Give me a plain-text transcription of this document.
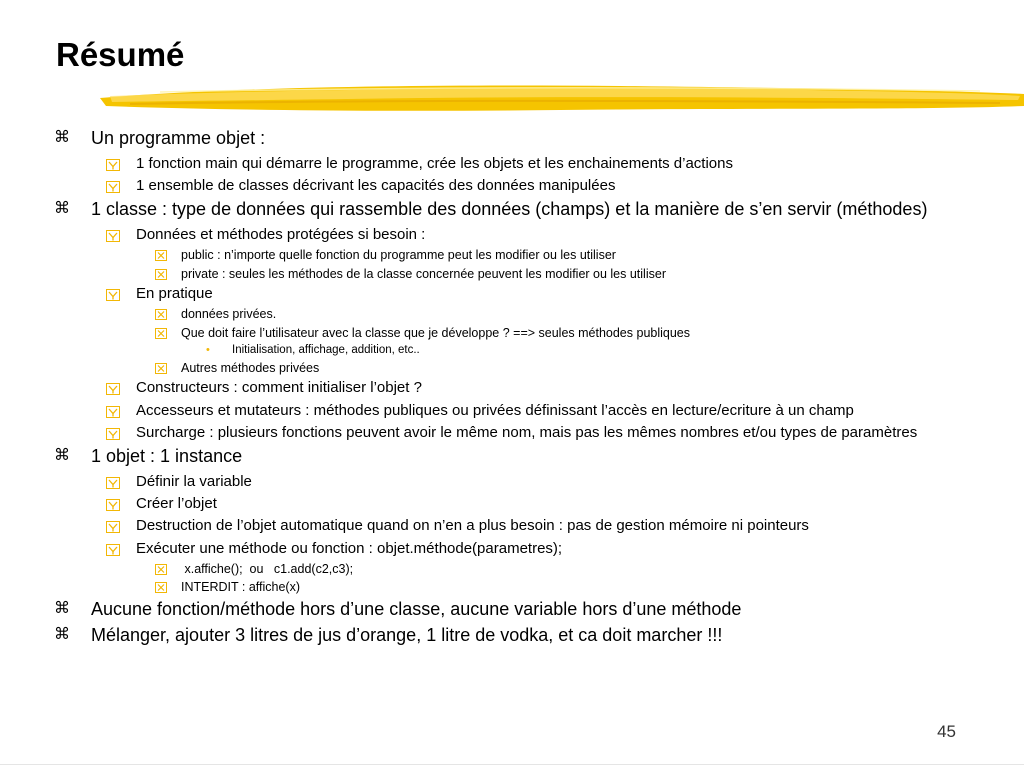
Résumé
⌘ Un programme objet :
1 fonction main qui démarre le programme, crée les objets et les enchainements d’actions
1 ensemble de classes décrivant les capacités des données manipulées
⌘ 1 classe : type de données qui rassemble des données (champs) et la manière de s’en servir (méthodes)
Données et méthodes protégées si besoin :
public : n’importe quelle fonction du programme peut les modifier ou les utiliser
private : seules les méthodes de la classe concernée peuvent les modifier ou les utiliser
En pratique
données privées.
Que doit faire l’utilisateur avec la classe que je développe ? ==> seules méthodes publiques
• Initialisation, affichage, addition, etc..
Autres méthodes privées
Constructeurs : comment initialiser l’objet ?
Accesseurs et mutateurs : méthodes publiques ou privées définissant l’accès en lecture/ecriture à un champ
Surcharge : plusieurs fonctions peuvent avoir le même nom, mais pas les mêmes nombres et/ou types de paramètres
⌘ 1 objet : 1 instance
Définir la variable
Créer l’objet
Destruction de l’objet automatique quand on n’en a plus besoin : pas de gestion mémoire ni pointeurs
Exécuter une méthode ou fonction : objet.méthode(parametres);
x.affiche();  ou   c1.add(c2,c3);
INTERDIT : affiche(x)
⌘ Aucune fonction/méthode hors d’une classe, aucune variable hors d’une méthode
⌘ Mélanger, ajouter 3 litres de jus d’orange, 1 litre de vodka, et ca doit marcher !!!
45
